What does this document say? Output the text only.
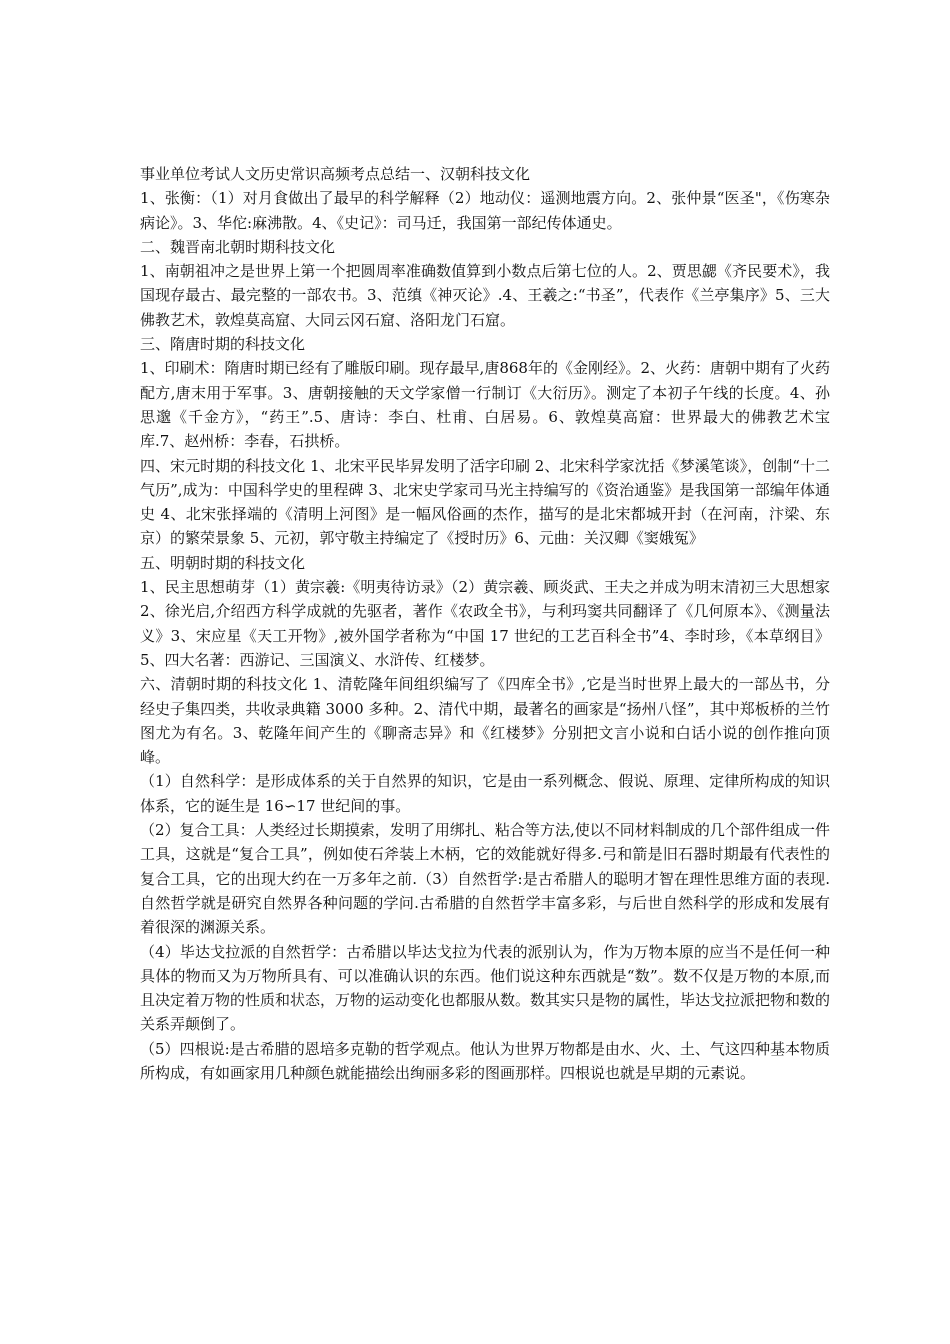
事业单位考试人文历史常识高频考点总结一、汉朝科技文化

1、张衡：（1）对月食做出了最早的科学解释（2）地动仪：遥测地震方向。2、张仲景“医圣"，《伤寒杂病论》。3、华佗:麻沸散。4、《史记》：司马迁，我国第一部纪传体通史。

二、魏晋南北朝时期科技文化

1、南朝祖冲之是世界上第一个把圆周率准确数值算到小数点后第七位的人。2、贾思勰《齐民要术》，我国现存最古、最完整的一部农书。3、范缜《神灭论》.4、王羲之:“书圣”，代表作《兰亭集序》5、三大佛教艺术，敦煌莫高窟、大同云冈石窟、洛阳龙门石窟。

三、隋唐时期的科技文化

1、印刷术：隋唐时期已经有了雕版印刷。现存最早,唐868年的《金刚经》。2、火药：唐朝中期有了火药配方,唐末用于军事。3、唐朝接触的天文学家僧一行制订《大衍历》。测定了本初子午线的长度。4、孙思邈《千金方》，“药王”.5、唐诗：李白、杜甫、白居易。6、敦煌莫高窟：世界最大的佛教艺术宝库.7、赵州桥：李春，石拱桥。

四、宋元时期的科技文化 1、北宋平民毕昇发明了活字印刷 2、北宋科学家沈括《梦溪笔谈》，创制“十二气历”,成为：中国科学史的里程碑 3、北宋史学家司马光主持编写的《资治通鉴》是我国第一部编年体通史 4、北宋张择端的《清明上河图》是一幅风俗画的杰作，描写的是北宋都城开封（在河南，汴梁、东京）的繁荣景象 5、元初，郭守敬主持编定了《授时历》6、元曲：关汉卿《窦娥冤》

五、明朝时期的科技文化

1、民主思想萌芽（1）黄宗羲:《明夷待访录》（2）黄宗羲、顾炎武、王夫之并成为明末清初三大思想家 2、徐光启,介绍西方科学成就的先驱者，著作《农政全书》，与利玛窦共同翻译了《几何原本》、《测量法义》3、宋应星《天工开物》,被外国学者称为“中国 17 世纪的工艺百科全书”4、李时珍，《本草纲目》5、四大名著：西游记、三国演义、水浒传、红楼梦。

六、清朝时期的科技文化 1、清乾隆年间组织编写了《四库全书》,它是当时世界上最大的一部丛书，分经史子集四类，共收录典籍 3000 多种。2、清代中期，最著名的画家是“扬州八怪”，其中郑板桥的兰竹图尤为有名。3、乾隆年间产生的《聊斋志异》和《红楼梦》分别把文言小说和白话小说的创作推向顶峰。

（1）自然科学：是形成体系的关于自然界的知识，它是由一系列概念、假说、原理、定律所构成的知识体系，它的诞生是 16∽17 世纪间的事。

（2）复合工具：人类经过长期摸索，发明了用绑扎、粘合等方法,使以不同材料制成的几个部件组成一件工具，这就是“复合工具”，例如使石斧装上木柄，它的效能就好得多.弓和箭是旧石器时期最有代表性的复合工具，它的出现大约在一万多年之前.（3）自然哲学:是古希腊人的聪明才智在理性思维方面的表现.自然哲学就是研究自然界各种问题的学问.古希腊的自然哲学丰富多彩，与后世自然科学的形成和发展有着很深的渊源关系。

（4）毕达戈拉派的自然哲学：古希腊以毕达戈拉为代表的派别认为，作为万物本原的应当不是任何一种具体的物而又为万物所具有、可以准确认识的东西。他们说这种东西就是“数”。数不仅是万物的本原,而且决定着万物的性质和状态，万物的运动变化也都服从数。数其实只是物的属性，毕达戈拉派把物和数的关系弄颠倒了。

（5）四根说:是古希腊的恩培多克勒的哲学观点。他认为世界万物都是由水、火、土、气这四种基本物质所构成，有如画家用几种颜色就能描绘出绚丽多彩的图画那样。四根说也就是早期的元素说。
